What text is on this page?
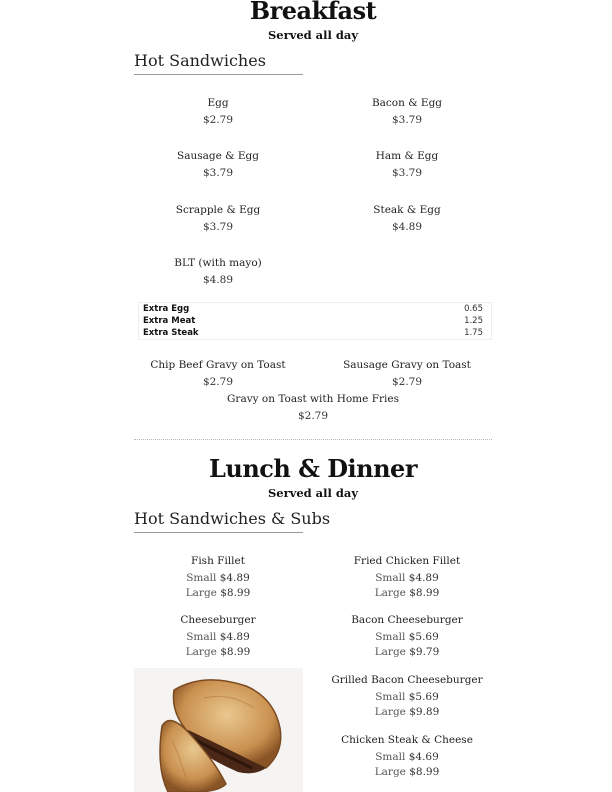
Breakfast
Served all day
Hot Sandwiches
Egg
$2.79
Bacon & Egg
$3.79
Sausage & Egg
$3.79
Ham & Egg
$3.79
Scrapple & Egg
$3.79
Steak & Egg
$4.89
BLT (with mayo)
$4.89
Extra Egg	0.65
Extra Meat	1.25
Extra Steak	1.75
Chip Beef Gravy on Toast
$2.79
Sausage Gravy on Toast
$2.79
Gravy on Toast with Home Fries
$2.79
Lunch & Dinner
Served all day
Hot Sandwiches & Subs
Fish Fillet
Small $4.89
Large $8.99
Fried Chicken Fillet
Small $4.89
Large $8.99
Cheeseburger
Small $4.89
Large $8.99
Bacon Cheeseburger
Small $5.69
Large $9.79
Grilled Bacon Cheeseburger
Small $5.69
Large $9.89
Chicken Steak & Cheese
Small $4.69
Large $8.99
